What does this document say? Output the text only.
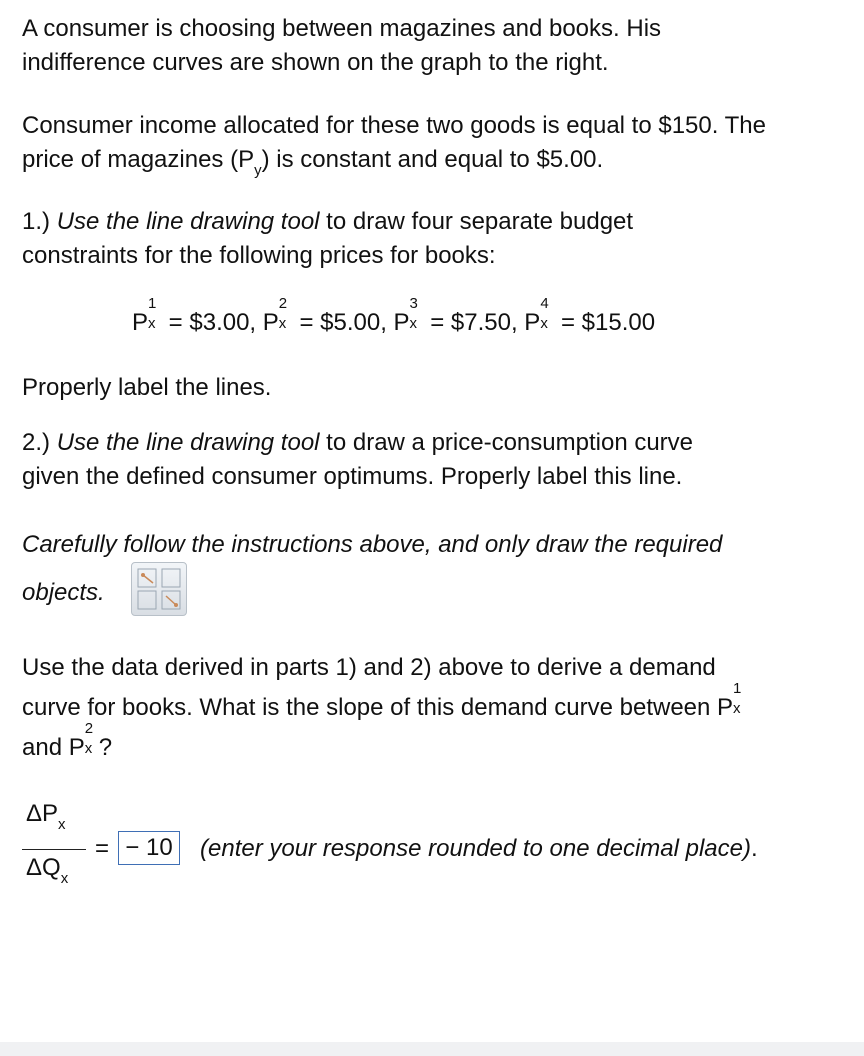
A consumer is choosing between magazines and books. His
indifference curves are shown on the graph to the right.

Consumer income allocated for these two goods is equal to $150. The
price of magazines $(P_y)$ is constant and equal to $5.00.

1.) Use the line drawing tool to draw four separate budget
constraints for the following prices for books:

P
1
x = $3.00, P
2
x = $5.00, P
3
x = $7.50, P
4
x = $15.00

Properly label the lines.

2.) Use the line drawing tool to draw a price-consumption curve
given the defined consumer optimums. Properly label this line.

Carefully follow the instructions above, and only draw the required
objects.

Use the data derived in parts 1) and 2) above to derive a demand
curve for books. What is the slope of this demand curve between P
1
x

and P
2
x ?

$\Delta P_x$
$\Delta Q_x$
= − 10	(enter your response rounded to one decimal place).
